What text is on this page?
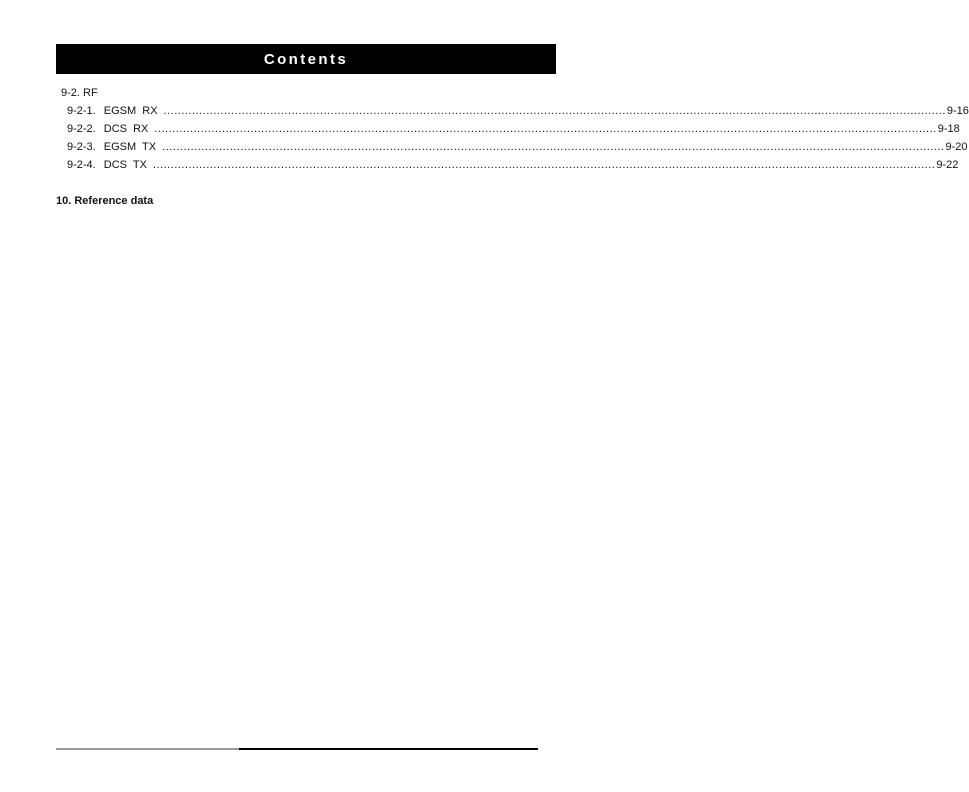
Contents
9-2. RF
9-2-1. EGSM  RX ............................................................................................................................................................................................................................ 9-16
9-2-2. DCS  RX ............................................................................................................................................................................................................................ 9-18
9-2-3. EGSM  TX ............................................................................................................................................................................................................................ 9-20
9-2-4. DCS  TX ............................................................................................................................................................................................................................ 9-22
10. Reference data
